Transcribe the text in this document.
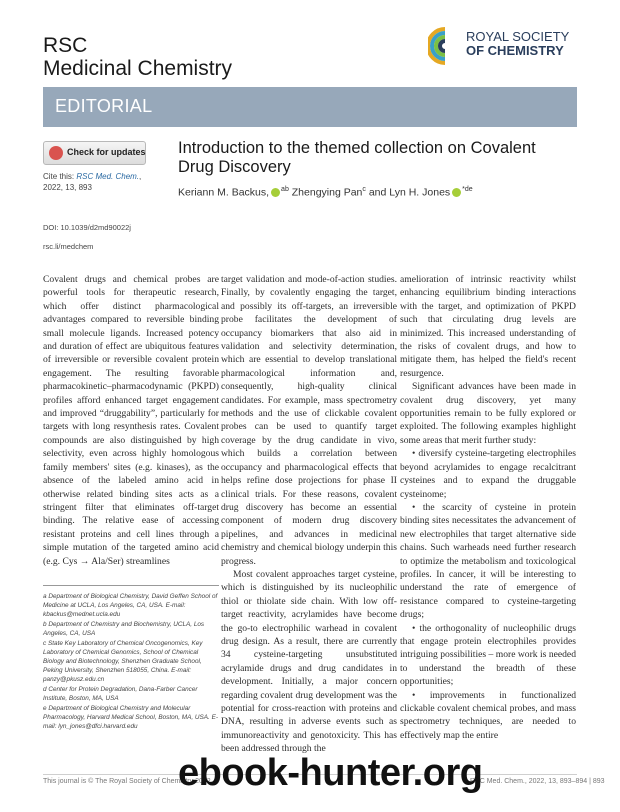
RSC
Medicinal Chemistry
ROYAL SOCIETY
OF CHEMISTRY
EDITORIAL
Check for updates
Cite this: RSC Med. Chem., 2022, 13, 893
DOI: 10.1039/d2md90022j
rsc.li/medchem
Introduction to the themed collection on Covalent Drug Discovery
Keriann M. Backus, $^{ab}$ Zhengying Pan$^c$ and Lyn H. Jones $^{*de}$

Covalent drugs and chemical probes are powerful tools for therapeutic research, which offer distinct pharmacological advantages compared to reversible binding small molecule ligands. Increased potency and duration of effect are ubiquitous features of irreversible or reversible covalent protein engagement. The resulting favorable pharmacokinetic–pharmacodynamic (PKPD) profiles afford enhanced target engagement and improved “druggability”, particularly for targets with long resynthesis rates. Covalent compounds are also distinguished by high selectivity, even across highly homologous family members' sites (e.g. kinases), as the absence of the labeled amino acid in otherwise related binding sites acts as a stringent filter that eliminates off-target binding. The relative ease of accessing resistant proteins and cell lines through a simple mutation of the targeted amino acid (e.g. Cys → Ala/Ser) streamlines

a Department of Biological Chemistry, David Geffen School of Medicine at UCLA, Los Angeles, CA, USA. E-mail: kbackus@mednet.ucla.edu

b Department of Chemistry and Biochemistry, UCLA, Los Angeles, CA, USA

c State Key Laboratory of Chemical Oncogenomics, Key Laboratory of Chemical Genomics, School of Chemical Biology and Biotechnology, Shenzhen Graduate School, Peking University, Shenzhen 518055, China. E-mail: panzy@pkusz.edu.cn

d Center for Protein Degradation, Dana-Farber Cancer Institute, Boston, MA, USA

e Department of Biological Chemistry and Molecular Pharmacology, Harvard Medical School, Boston, MA, USA. E-mail: lyn_jones@dfci.harvard.edu

target validation and mode-of-action studies. Finally, by covalently engaging the target, and possibly its off-targets, an irreversible probe facilitates the development of occupancy biomarkers that also aid in validation and selectivity determination, which are essential to develop translational pharmacological information and, consequently, high-quality clinical candidates. For example, mass spectrometry methods and the use of clickable covalent probes can be used to quantify target coverage by the drug candidate in vivo, which builds a correlation between occupancy and pharmacological effects that helps refine dose projections for phase II clinical trials. For these reasons, covalent drug discovery has become an essential component of modern drug discovery pipelines, and advances in medicinal chemistry and chemical biology underpin this progress.

Most covalent approaches target cysteine, which is distinguished by its nucleophilic thiol or thiolate side chain. With low off-target reactivity, acrylamides have become the go-to electrophilic warhead in covalent drug design. As a result, there are currently 34 cysteine-targeting unsubstituted acrylamide drugs and drug candidates in development. Initially, a major concern regarding covalent drug development was the potential for cross-reaction with proteins and DNA, resulting in adverse events such as immunoreactivity and genotoxicity. This has been addressed through the

amelioration of intrinsic reactivity whilst enhancing equilibrium binding interactions with the target, and optimization of PKPD such that circulating drug levels are minimized. This increased understanding of the risks of covalent drugs, and how to mitigate them, has helped the field's recent resurgence.

Significant advances have been made in covalent drug discovery, yet many opportunities remain to be fully explored or exploited. The following examples highlight some areas that merit further study:

• diversify cysteine-targeting electrophiles beyond acrylamides to engage recalcitrant cysteines and to expand the druggable cysteinome;

• the scarcity of cysteine in protein binding sites necessitates the advancement of new electrophiles that target alternative side chains. Such warheads need further research to optimize the metabolism and toxicological profiles. In cancer, it will be interesting to understand the rate of emergence of resistance compared to cysteine-targeting drugs;

• the orthogonality of nucleophilic drugs that engage protein electrophiles provides intriguing possibilities – more work is needed to understand the breadth of these opportunities;

• improvements in functionalized clickable covalent chemical probes, and mass spectrometry techniques, are needed to effectively map the entire

This journal is © The Royal Society of Chemistry 2022	RSC Med. Chem., 2022, 13, 893–894 | 893
ebook-hunter.org
